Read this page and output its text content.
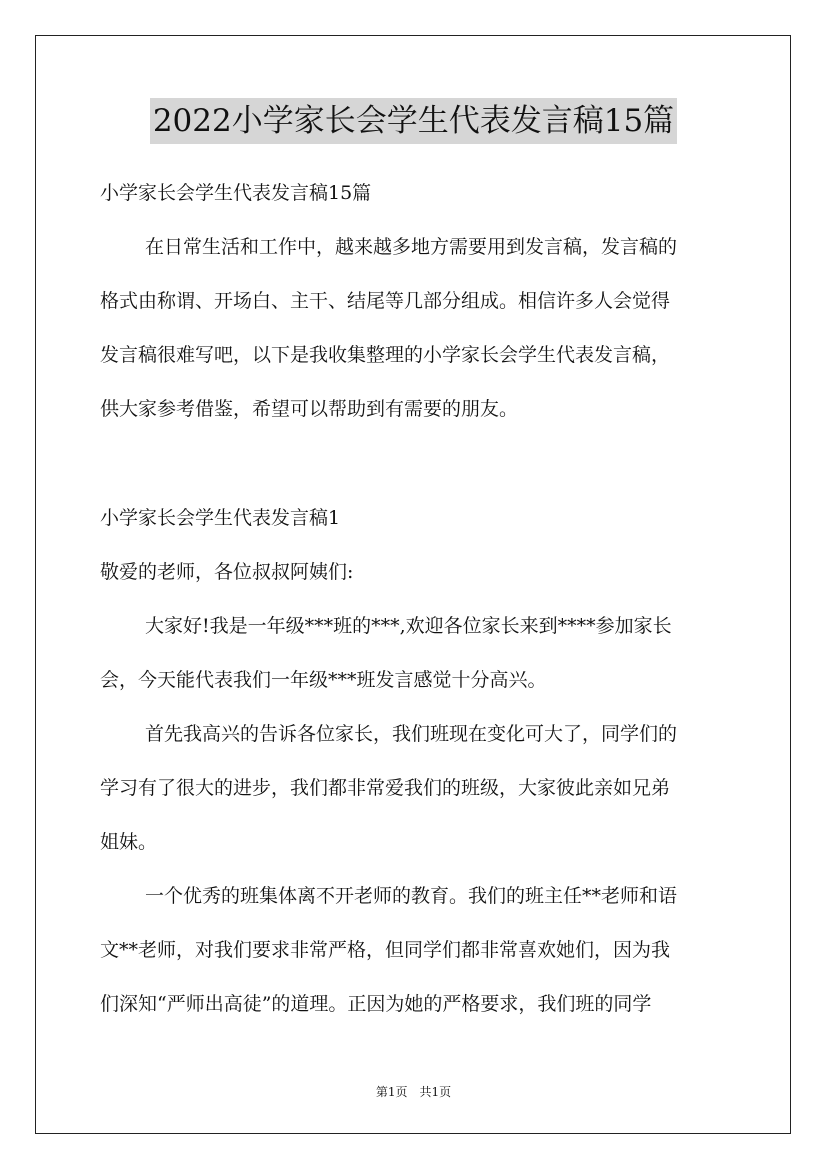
2022小学家长会学生代表发言稿15篇

小学家长会学生代表发言稿15篇

在日常生活和工作中，越来越多地方需要用到发言稿，发言稿的

格式由称谓、开场白、主干、结尾等几部分组成。相信许多人会觉得

发言稿很难写吧，以下是我收集整理的小学家长会学生代表发言稿，

供大家参考借鉴，希望可以帮助到有需要的朋友。

小学家长会学生代表发言稿1

敬爱的老师，各位叔叔阿姨们:

大家好!我是一年级***班的***,欢迎各位家长来到****参加家长

会，今天能代表我们一年级***班发言感觉十分高兴。

首先我高兴的告诉各位家长，我们班现在变化可大了，同学们的

学习有了很大的进步，我们都非常爱我们的班级，大家彼此亲如兄弟

姐妹。

一个优秀的班集体离不开老师的教育。我们的班主任**老师和语

文**老师，对我们要求非常严格，但同学们都非常喜欢她们，因为我

们深知“严师出高徒”的道理。正因为她的严格要求，我们班的同学

第1页　共1页
